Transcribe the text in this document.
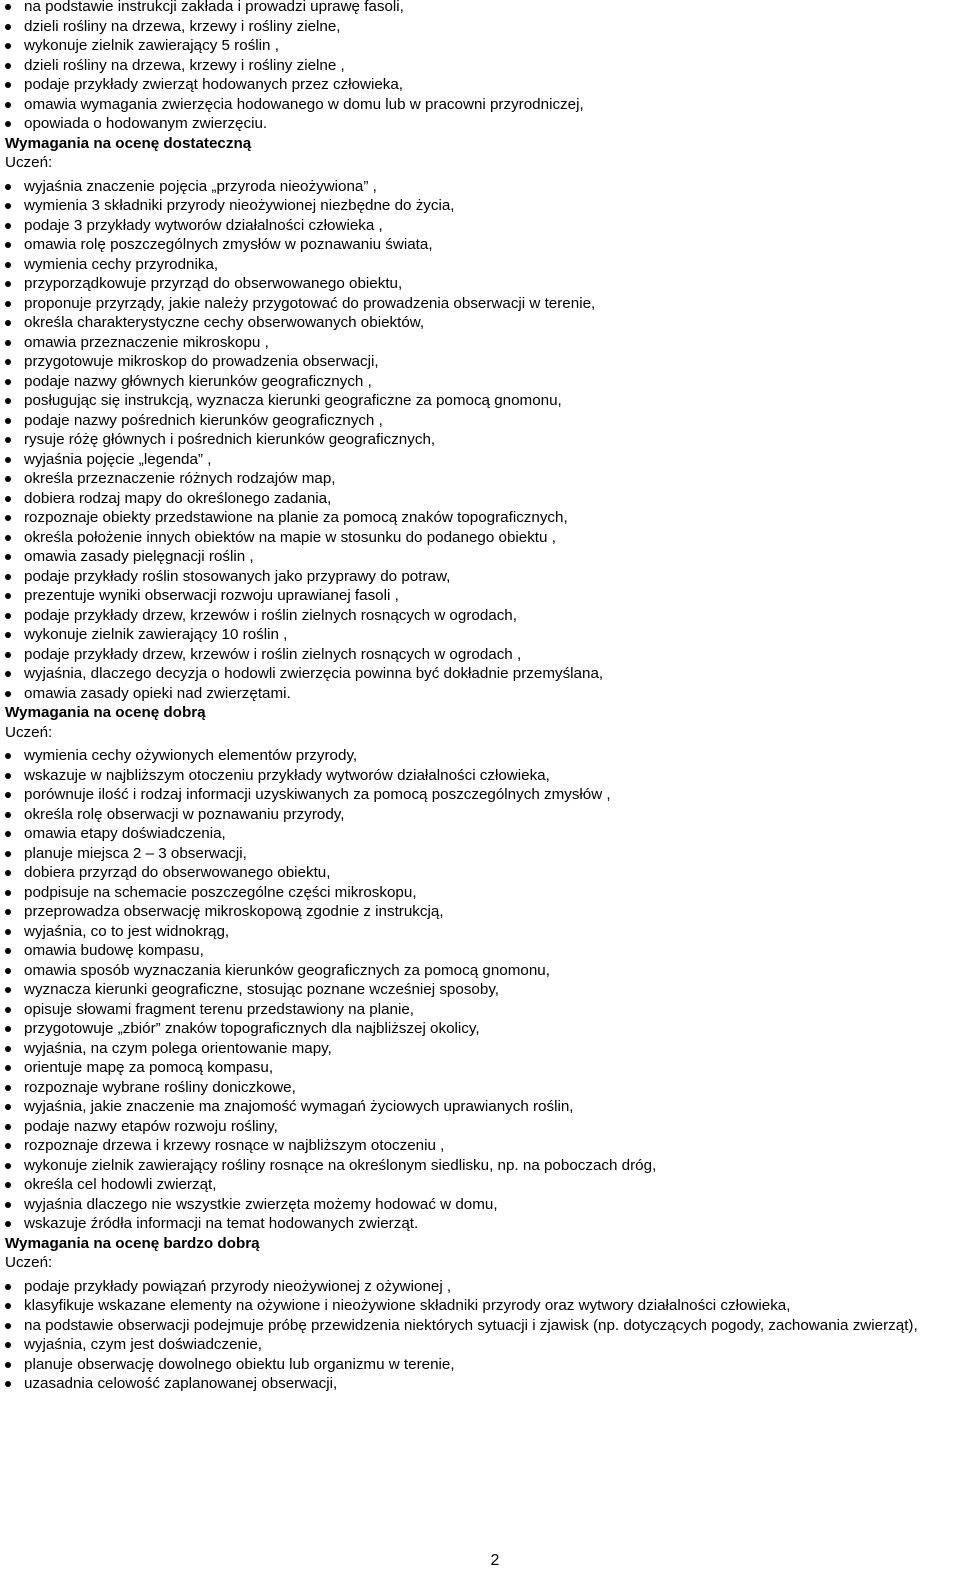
na podstawie instrukcji zakłada i prowadzi uprawę fasoli,
dzieli rośliny na drzewa, krzewy i rośliny zielne,
wykonuje zielnik zawierający 5 roślin ,
dzieli rośliny na drzewa, krzewy i rośliny zielne ,
podaje przykłady zwierząt hodowanych przez człowieka,
omawia wymagania zwierzęcia hodowanego w domu lub w pracowni przyrodniczej,
opowiada o hodowanym zwierzęciu.
Wymagania na ocenę dostateczną
Uczeń:
wyjaśnia znaczenie pojęcia „przyroda nieożywiona” ,
wymienia 3 składniki przyrody nieożywionej niezbędne do życia,
podaje 3 przykłady wytworów działalności człowieka ,
omawia rolę poszczególnych zmysłów w poznawaniu świata,
wymienia cechy przyrodnika,
przyporządkowuje przyrząd do obserwowanego obiektu,
proponuje przyrządy, jakie należy przygotować do prowadzenia obserwacji w terenie,
określa charakterystyczne cechy obserwowanych obiektów,
omawia przeznaczenie mikroskopu ,
przygotowuje mikroskop do prowadzenia obserwacji,
podaje nazwy głównych kierunków geograficznych ,
posługując się instrukcją, wyznacza kierunki geograficzne za pomocą gnomonu,
podaje nazwy pośrednich kierunków geograficznych ,
rysuje różę głównych i pośrednich kierunków geograficznych,
wyjaśnia pojęcie „legenda” ,
określa przeznaczenie różnych rodzajów map,
dobiera rodzaj mapy do określonego zadania,
rozpoznaje obiekty przedstawione na planie za pomocą znaków topograficznych,
określa położenie innych obiektów na mapie w stosunku do podanego obiektu ,
omawia zasady pielęgnacji roślin ,
podaje przykłady roślin stosowanych jako przyprawy do potraw,
prezentuje wyniki obserwacji rozwoju uprawianej fasoli ,
podaje przykłady drzew, krzewów i roślin zielnych rosnących w ogrodach,
wykonuje zielnik zawierający 10 roślin ,
podaje przykłady drzew, krzewów i roślin zielnych rosnących w ogrodach ,
wyjaśnia, dlaczego decyzja o hodowli zwierzęcia powinna być dokładnie przemyślana,
omawia zasady opieki nad zwierzętami.
Wymagania na ocenę dobrą
Uczeń:
wymienia cechy ożywionych elementów przyrody,
wskazuje w najbliższym otoczeniu przykłady wytworów działalności człowieka,
porównuje ilość i rodzaj informacji uzyskiwanych za pomocą poszczególnych zmysłów ,
określa rolę obserwacji w poznawaniu przyrody,
omawia etapy doświadczenia,
planuje miejsca 2 – 3 obserwacji,
dobiera przyrząd do obserwowanego obiektu,
podpisuje na schemacie poszczególne części mikroskopu,
przeprowadza obserwację mikroskopową zgodnie z instrukcją,
wyjaśnia, co to jest widnokrąg,
omawia budowę kompasu,
omawia sposób wyznaczania kierunków geograficznych za pomocą gnomonu,
wyznacza kierunki geograficzne, stosując poznane wcześniej sposoby,
opisuje słowami fragment terenu przedstawiony na planie,
przygotowuje „zbiór” znaków topograficznych dla najbliższej okolicy,
wyjaśnia, na czym polega orientowanie mapy,
orientuje mapę za pomocą kompasu,
rozpoznaje wybrane rośliny doniczkowe,
wyjaśnia, jakie znaczenie ma znajomość wymagań życiowych uprawianych roślin,
podaje nazwy etapów rozwoju rośliny,
rozpoznaje drzewa i krzewy rosnące w najbliższym otoczeniu ,
wykonuje zielnik zawierający rośliny rosnące na określonym siedlisku, np. na poboczach dróg,
określa cel hodowli zwierząt,
wyjaśnia dlaczego nie wszystkie zwierzęta możemy hodować w domu,
wskazuje źródła informacji na temat hodowanych zwierząt.
Wymagania na ocenę bardzo dobrą
Uczeń:
podaje przykłady powiązań przyrody nieożywionej z ożywionej ,
klasyfikuje wskazane elementy na ożywione i nieożywione składniki przyrody oraz wytwory działalności człowieka,
na podstawie obserwacji podejmuje próbę przewidzenia niektórych sytuacji i zjawisk (np. dotyczących pogody, zachowania zwierząt),
wyjaśnia, czym jest doświadczenie,
planuje obserwację dowolnego obiektu lub organizmu w terenie,
uzasadnia celowość zaplanowanej obserwacji,
2
